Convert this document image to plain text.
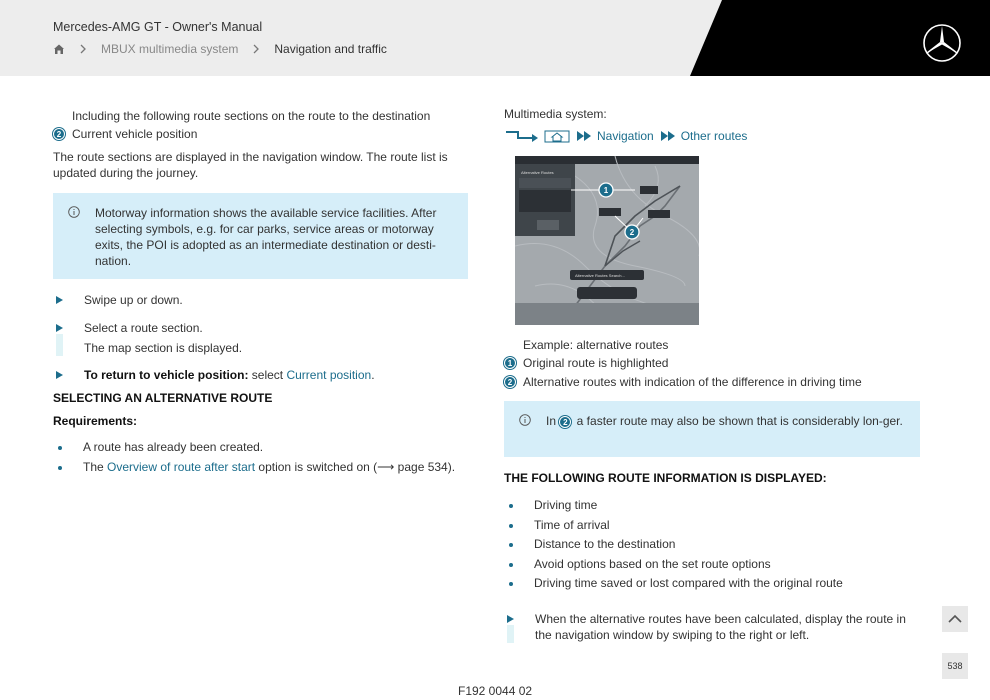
Mercedes-AMG GT - Owner's Manual
MBUX multimedia system	Navigation and traffic

Including the following route sections on the route to the destination

2 Current vehicle position

The route sections are displayed in the navigation window. The route list is updated during the journey.

Motorway information shows the available service facilities. After selecting symbols, e.g. for car parks, service areas or motorway exits, the POI is adopted as an intermediate destination or desti-nation.

Swipe up or down.

Select a route section.

The map section is displayed.

To return to vehicle position: select Current position.

SELECTING AN ALTERNATIVE ROUTE

Requirements:

A route has already been created.
The Overview of route after start option is switched on (⟶ page 534).

Multimedia system:

Navigation Other routes
Alternative Routes
1
2
Alternative Routes Search...

Example: alternative routes

1 Original route is highlighted
2 Alternative routes with indication of the difference in driving time

In 2 a faster route may also be shown that is considerably lon-ger.

THE FOLLOWING ROUTE INFORMATION IS DISPLAYED:

Driving time
Time of arrival
Distance to the destination
Avoid options based on the set route options
Driving time saved or lost compared with the original route

When the alternative routes have been calculated, display the route in the navigation window by swiping to the right or left.

538
F192 0044 02
